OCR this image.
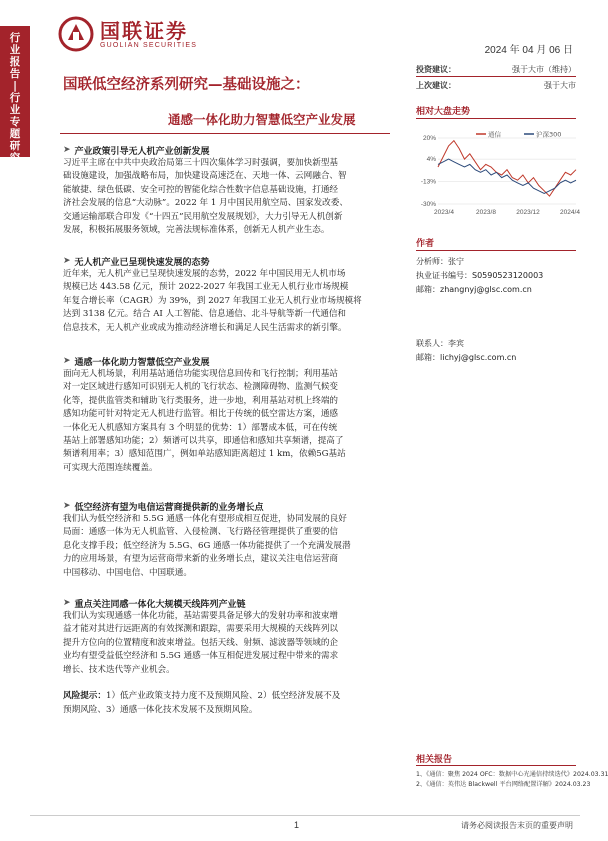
行
业
报
告
|
行
业
专
题
研
究
国联证券
GUOLIAN SECURITIES	2024 年 04 月 06 日
国联低空经济系列研究—基础设施之：
通感一体化助力智慧低空产业发展
投资建议：	强于大市（维持）
上次建议：	强于大市
相对大盘走势
20%
4%
-13%
-30%
2023/4	2023/8	2023/12	2024/4
通信	沪深300
作者
分析师：张宁
执业证书编号：S0590523120003
邮箱：zhangnyj@glsc.com.cn
联系人：李宾
邮箱：lichyj@glsc.com.cn
➤ 产业政策引导无人机产业创新发展
习近平主席在中共中央政治局第三十四次集体学习时强调，要加快新型基
础设施建设，加强战略布局，加快建设高速泛在、天地一体、云网融合、智
能敏捷、绿色低碳、安全可控的智能化综合性数字信息基础设施，打通经
济社会发展的信息“大动脉”。2022 年 1 月中国民用航空局、国家发改委、
交通运输部联合印发《“十四五”民用航空发展规划》，大力引导无人机创新
发展，积极拓展服务领域，完善法规标准体系，创新无人机产业生态。
➤ 无人机产业已呈现快速发展的态势
近年来，无人机产业已呈现快速发展的态势，2022 年中国民用无人机市场
规模已达 443.58 亿元，预计 2022-2027 年我国工业无人机行业市场规模
年复合增长率（CAGR）为 39%，到 2027 年我国工业无人机行业市场规模将
达到 3138 亿元。结合 AI 人工智能、信息通信、北斗导航等新一代通信和
信息技术，无人机产业或成为推动经济增长和满足人民生活需求的新引擎。
➤ 通感一体化助力智慧低空产业发展
面向无人机场景，利用基站通信功能实现信息回传和飞行控制；利用基站
对一定区域进行感知可识别无人机的飞行状态、检测障碍物、监测气候变
化等，提供监管类和辅助飞行类服务，进一步地，利用基站对机上终端的
感知功能可针对特定无人机进行监管。相比于传统的低空雷达方案，通感
一体化无人机感知方案具有 3 个明显的优势：1）部署成本低，可在传统
基站上部署感知功能；2）频谱可以共享，即通信和感知共享频谱，提高了
频谱利用率；3）感知范围广，例如单站感知距离超过 1 km，依赖5G基站
可实现大范围连续覆盖。
➤ 低空经济有望为电信运营商提供新的业务增长点
我们认为低空经济和 5.5G 通感一体化有望形成相互促进，协同发展的良好
局面：通感一体为无人机监管、入侵检测、飞行路径管理提供了重要的信
息化支撑手段；低空经济为 5.5G、6G 通感一体功能提供了一个充满发展潜
力的应用场景，有望为运营商带来新的业务增长点，建议关注电信运营商
中国移动、中国电信、中国联通。
➤ 重点关注同感一体化大规模天线阵列产业链
我们认为实现通感一体化功能，基站需要具备足够大的发射功率和波束增
益才能对其进行远距离的有效探测和跟踪，需要采用大规模的天线阵列以
提升方位向的位置精度和波束增益。包括天线、射频、滤波器等领域的企
业均有望受益低空经济和 5.5G 通感一体互相促进发展过程中带来的需求
增长、技术迭代等产业机会。
风险提示：1）低产业政策支持力度不及预期风险、2）低空经济发展不及
预期风险、3）通感一体化技术发展不及预期风险。
相关报告
1、《通信：聚焦 2024 OFC：数据中心光通信持续迭代》2024.03.31
2、《通信：英伟达 Blackwell 平台网络配置详解》2024.03.23
1	请务必阅读报告末页的重要声明
